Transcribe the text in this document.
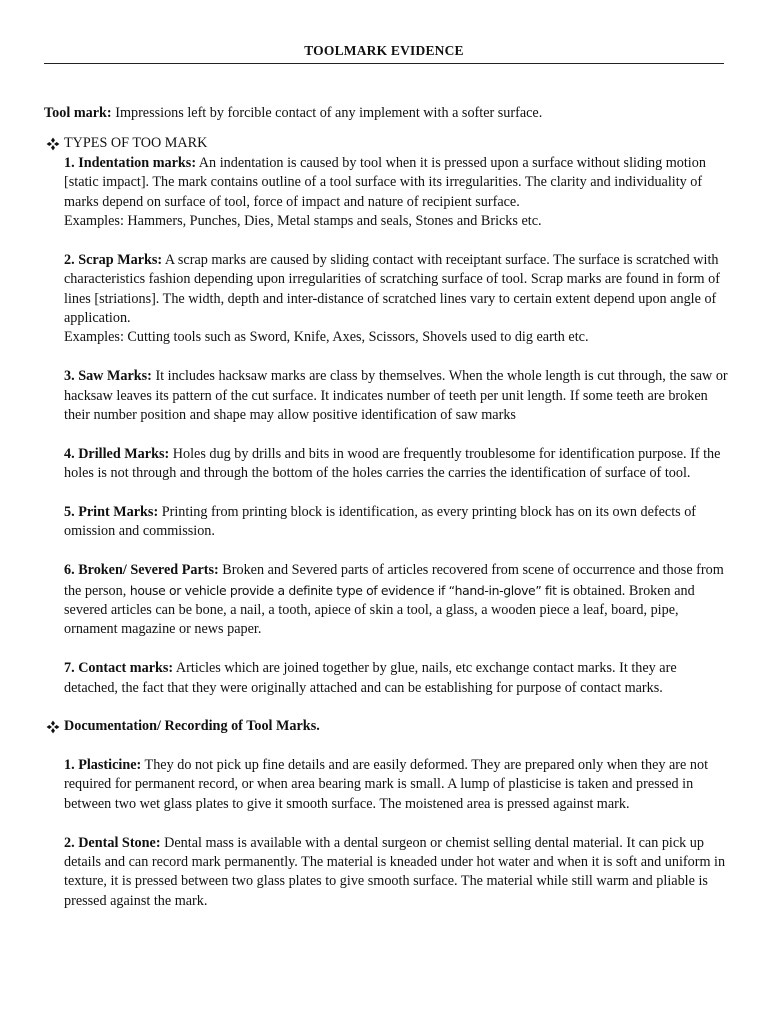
TOOLMARK EVIDENCE

Tool mark: Impressions left by forcible contact of any implement with a softer surface.

TYPES OF TOO MARK

1. Indentation marks: An indentation is caused by tool when it is pressed upon a surface without sliding motion [static impact]. The mark contains outline of a tool surface with its irregularities. The clarity and individuality of marks depend on surface of tool, force of impact and nature of recipient surface.
Examples: Hammers, Punches, Dies, Metal stamps and seals, Stones and Bricks etc.

2. Scrap Marks: A scrap marks are caused by sliding contact with receiptant surface. The surface is scratched with characteristics fashion depending upon irregularities of scratching surface of tool. Scrap marks are found in form of lines [striations]. The width, depth and inter-distance of scratched lines vary to certain extent depend upon angle of application.
Examples: Cutting tools such as Sword, Knife, Axes, Scissors, Shovels used to dig earth etc.

3. Saw Marks: It includes hacksaw marks are class by themselves. When the whole length is cut through, the saw or hacksaw leaves its pattern of the cut surface. It indicates number of teeth per unit length. If some teeth are broken their number position and shape may allow positive identification of saw marks

4. Drilled Marks: Holes dug by drills and bits in wood are frequently troublesome for identification purpose. If the holes is not through and through the bottom of the holes carries the carries the identification of surface of tool.

5. Print Marks: Printing from printing block is identification, as every printing block has on its own defects of omission and commission.

6. Broken/ Severed Parts: Broken and Severed parts of articles recovered from scene of occurrence and those from the person, house or vehicle provide a definite type of evidence if “hand-in-glove” fit is obtained. Broken and severed articles can be bone, a nail, a tooth, apiece of skin a tool, a glass, a wooden piece a leaf, board, pipe, ornament magazine or news paper.

7. Contact marks: Articles which are joined together by glue, nails, etc exchange contact marks. It they are detached, the fact that they were originally attached and can be establishing for purpose of contact marks.

Documentation/ Recording of Tool Marks.

1. Plasticine: They do not pick up fine details and are easily deformed. They are prepared only when they are not required for permanent record, or when area bearing mark is small. A lump of plasticise is taken and pressed in between two wet glass plates to give it smooth surface. The moistened area is pressed against mark.

2. Dental Stone: Dental mass is available with a dental surgeon or chemist selling dental material. It can pick up details and can record mark permanently. The material is kneaded under hot water and when it is soft and uniform in texture, it is pressed between two glass plates to give smooth surface. The material while still warm and pliable is pressed against the mark.
